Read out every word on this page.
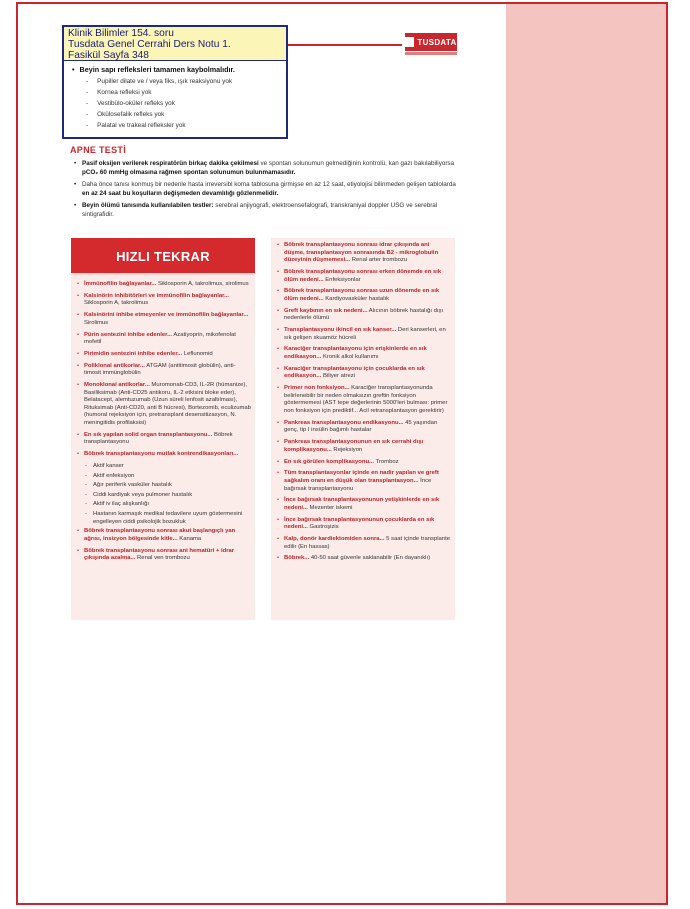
TUSDATA
Klinik Bilimler 154. soru
Tusdata Genel Cerrahi Ders Notu 1.
Fasikül Sayfa 348
• Beyin sapı refleksleri tamamen kaybolmalıdır.
- Pupiller dilate ve / veya fiks, ışık reaksiyonu yok
- Kornea refleksi yok
- Vestibülo-oküler refleks yok
- Okülosefalik refleks yok
- Palatal ve trakeal refleksler yok
APNE TESTİ
• Pasif oksijen verilerek respiratörün birkaç dakika çekilmesi ve spontan solunumun gelmediğinin kontrolü, kan gazı bakılabiliyorsa pCO₂ 60 mmHg olmasına rağmen spontan solunumun bulunmamasıdır.
• Daha önce tanısı konmuş bir nedenle hasta irreversibl koma tablosuna girmişse en az 12 saat, etiyolojisi bilinmeden gelişen tablolarda en az 24 saat bu koşulların değişmeden devamlılığı gözlenmelidir.
• Beyin ölümü tanısında kullanılabilen testler: serebral anjiyografi, elektroensefalografi, transkraniyal doppler USG ve serebral sintigrafidir.
HIZLI TEKRAR
• İmmünofilin bağlayanlar... Siklosporin A, takrolimus, sirolimus
• Kalsinörin inhibitörleri ve immünofilin bağlayanlar... Siklosporin A, takrolimus
• Kalsinörini inhibe etmeyenler ve immünofilin bağlayanlar... Sirolimus
• Pürin sentezini inhibe edenler... Azatiyoprin, mikofenolat mofetil
• Pirimidin sentezini inhibe edenler... Leflunomid
• Poliklonal antikorlar... ATGAM (antitimosit globülin), anti-timosit immünglobülin
• Monoklonal antikorlar... Muromonab-CD3, IL-2R (hümanize), Basiliksimab (Anti-CD25 antikoru, IL-2 etkisini bloke eder), Belatacept, alemtuzumab (Uzun süreli lenfosit azaltılması), Rituksimab (Anti-CD20, anti B hücresi), Bortezomib, eculizumab (humoral rejeksiyon için, pretransplant desensitizasyon, N. meningitidis profilaksisi)
• En sık yapılan solid organ transplantasyonu... Böbrek transplantasyonu
• Böbrek transplantasyonu mutlak kontrendikasyonları...
- Aktif kanser
- Aktif enfeksiyon
- Ağır periferik vasküler hastalık
- Ciddi kardiyak veya pulmoner hastalık
- Aktif iv ilaç alışkanlığı
- Hastanın karmaşık medikal tedavilere uyum göstermesini engelleyen ciddi psikolojik bozukluk
• Böbrek transplantasyonu sonrası akut başlangıçlı yan ağrısı, insizyon bölgesinde kitle... Kanama
• Böbrek transplantasyonu sonrası ani hematüri + idrar çıkışında azalma... Renal ven trombozu
• Böbrek transplantasyonu sonrası idrar çıkışında ani düşme, transplantasyon sonrasında B2 - mikroglobulin düzeyinin düşmemesi... Renal arter trombozu
• Böbrek transplantasyonu sonrası erken dönemde en sık ölüm nedeni... Enfeksiyonlar
• Böbrek transplantasyonu sonrası uzun dönemde en sık ölüm nedeni... Kardiyovasküler hastalık
• Greft kaybının en sık nedeni... Alıcının böbrek hastalığı dışı nedenlerle ölümü
• Transplantasyonu ikincil en sık kanser... Deri kanserleri, en sık gelişen skuamöz hücreli
• Karaciğer transplantasyonu için erişkinlerde en sık endikasyon... Kronik alkol kullanımı
• Karaciğer transplantasyonu için çocuklarda en sık endikasyon... Biliyer atrezi
• Primer non fonksiyon... Karaciğer transplantasyonunda belirlenebilir bir neden olmaksızın greftin fonksiyon göstermemesi (AST tepe değerlerinin 5000'leri bulması: primer non fonksiyon için prediktif... Acil retransplantasyon gerektirir)
• Pankreas transplantasyonu endikasyonu... 45 yaşından genç, tip I insülin bağımlı hastalar
• Pankreas transplantasyonunun en sık cerrahi dışı komplikasyonu... Rejeksiyon
• En sık görülen komplikasyonu... Tromboz
• Tüm transplantasyonlar içinde en nadir yapılan ve greft sağkalım oranı en düşük olan transplantasyon... İnce bağırsak transplantasyonu
• İnce bağırsak transplantasyonunun yetişkinlerde en sık nedeni... Mezenter iskemi
• İnce bağırsak transplantasyonunun çocuklarda en sık nedeni... Gastroşizis
• Kalp, donör kardiektomiden sonra... 5 saat içinde transplante edilir (En hassas)
• Böbrek... 40-50 saat güvenle saklanabilir (En dayanıklı)
